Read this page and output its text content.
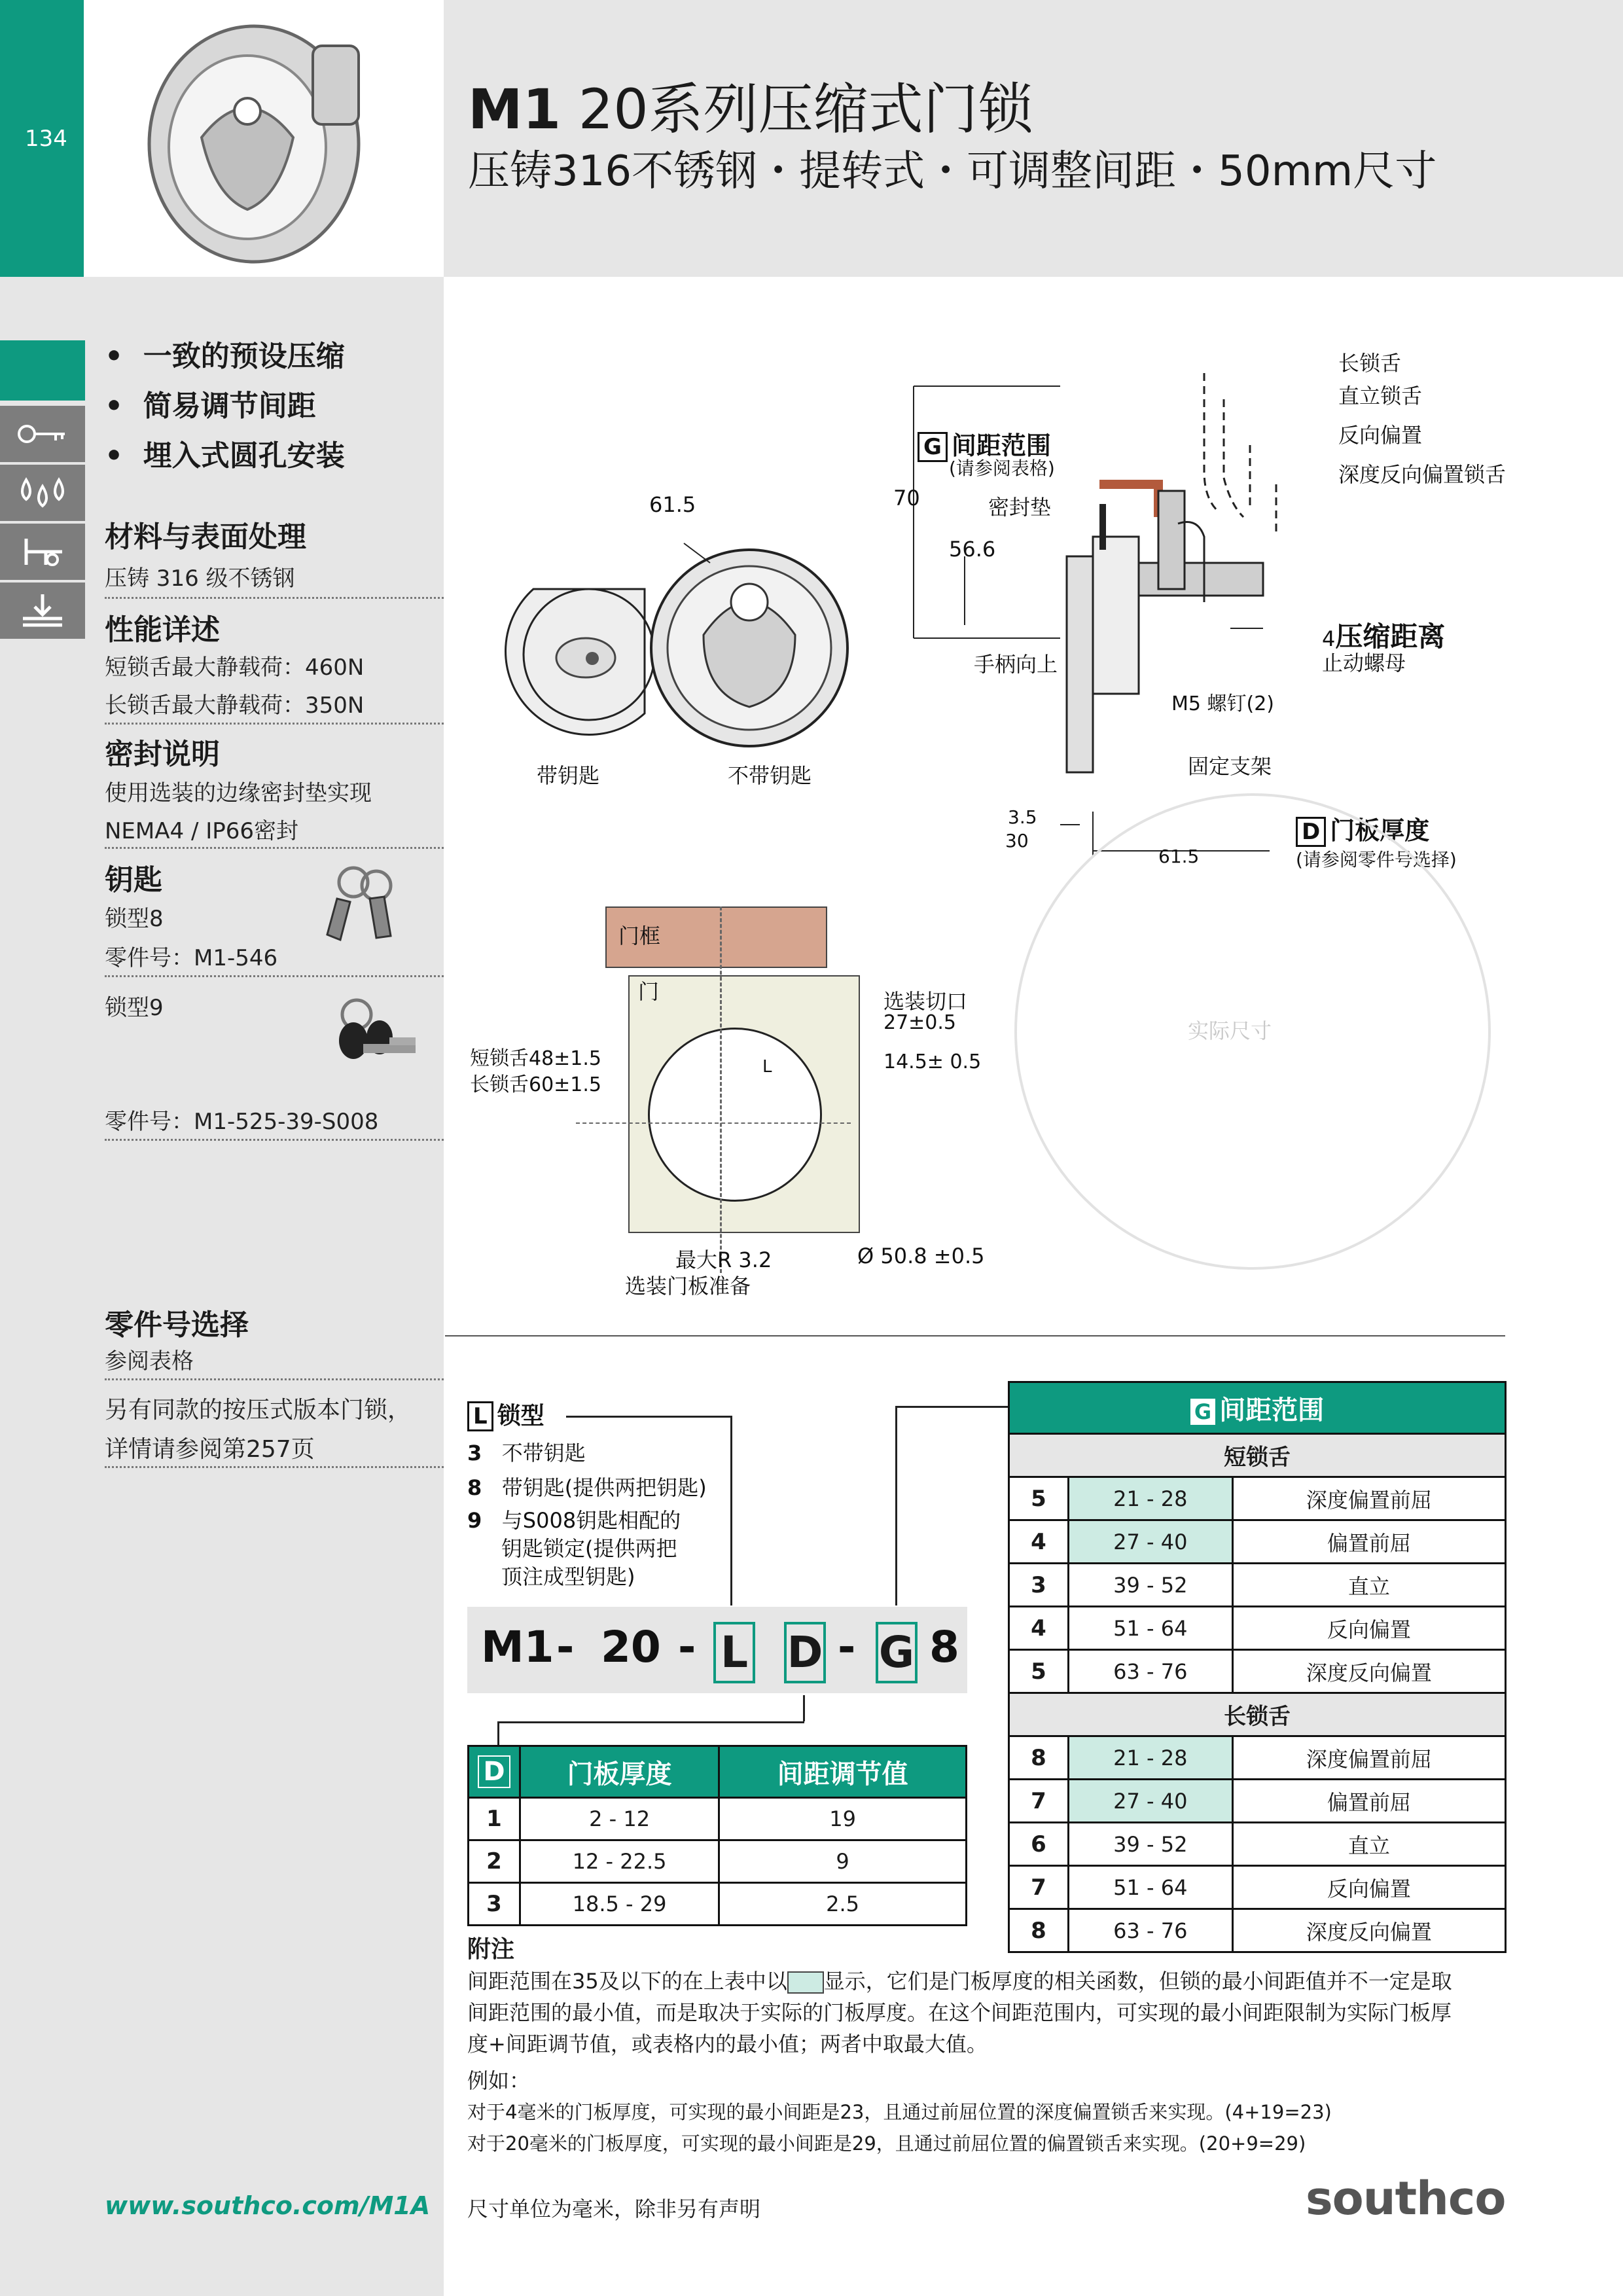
134	M1 20系列压缩式门锁
压铸316不锈钢・提转式・可调整间距・50mm尺寸
•  一致的预设压缩
•  简易调节间距
•  埋入式圆孔安装
材料与表面处理
压铸 316 级不锈钢
性能详述
短锁舌最大静载荷：460N
长锁舌最大静载荷：350N
密封说明
使用选装的边缘密封垫实现
NEMA4 / IP66密封
钥匙
锁型8
零件号：M1-546
锁型9
零件号：M1-525-39-S008
零件号选择
参阅表格
另有同款的按压式版本门锁，
详情请参阅第257页
www.southco.com/M1A
61.5
带钥匙	不带钥匙
长锁舌
直立锁舌
反向偏置
深度反向偏置锁舌
G 间距范围
(请参阅表格)
70	密封垫
56.6
手柄向上
4压缩距离
止动螺母
M5 螺钉(2)
固定支架
3.5
30
61.5
D 门板厚度
(请参阅零件号选择)
实际尺寸
门框
门	选装切口
27±0.5
14.5± 0.5
L
短锁舌48±1.5
长锁舌60±1.5
最大R 3.2
选装门板准备
Ø 50.8 ±0.5
L 锁型
3 不带钥匙
8 带钥匙(提供两把钥匙)
9 与S008钥匙相配的
钥匙锁定(提供两把
顶注成型钥匙)
M1 - 20 - L D - G 8
D	门板厚度	间距调节值
1	2 - 12	19
2	12 - 22.5	9
3	18.5 - 29	2.5
G 间距范围		
短锁舌		
5	21 - 28	深度偏置前屈
4	27 - 40	偏置前屈
3	39 - 52	直立
4	51 - 64	反向偏置
5	63 - 76	深度反向偏置
长锁舌		
8	21 - 28	深度偏置前屈
7	27 - 40	偏置前屈
6	39 - 52	直立
7	51 - 64	反向偏置
8	63 - 76	深度反向偏置
附注
间距范围在35及以下的在上表中以 显示，它们是门板厚度的相关函数，但锁的最小间距值并不一定是取
间距范围的最小值，而是取决于实际的门板厚度。在这个间距范围内，可实现的最小间距限制为实际门板厚
度+间距调节值，或表格内的最小值；两者中取最大值。
例如：
对于4毫米的门板厚度，可实现的最小间距是23，且通过前屈位置的深度偏置锁舌来实现。(4+19=23)
对于20毫米的门板厚度，可实现的最小间距是29，且通过前屈位置的偏置锁舌来实现。(20+9=29)
尺寸单位为毫米，除非另有声明	southco
